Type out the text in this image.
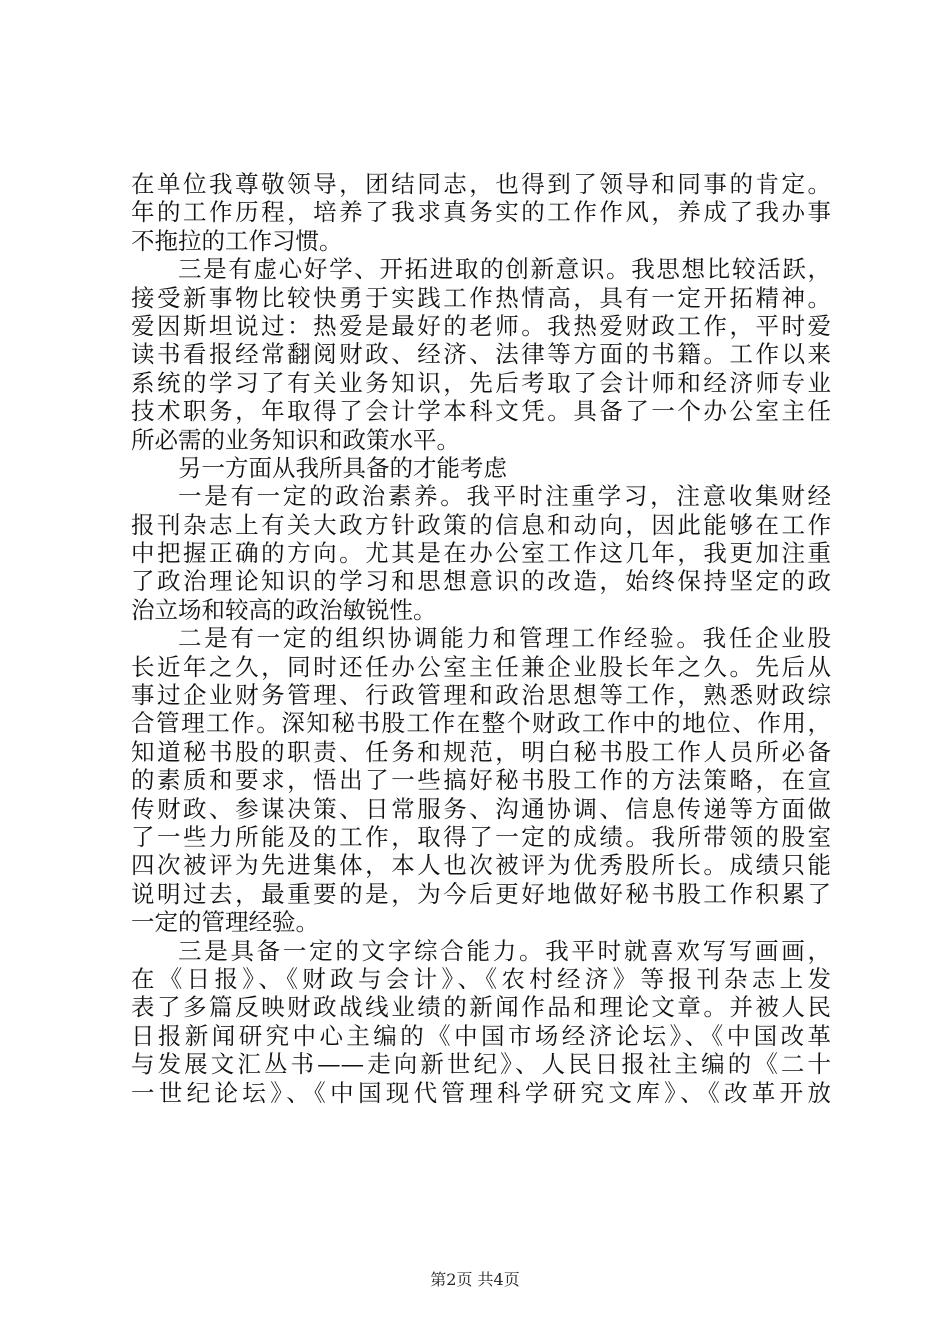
在单位我尊敬领导，团结同志，也得到了领导和同事的肯定。
年的工作历程，培养了我求真务实的工作作风，养成了我办事
不拖拉的工作习惯。
三是有虚心好学、开拓进取的创新意识。我思想比较活跃，
接受新事物比较快勇于实践工作热情高，具有一定开拓精神。
爱因斯坦说过：热爱是最好的老师。我热爱财政工作，平时爱
读书看报经常翻阅财政、经济、法律等方面的书籍。工作以来
系统的学习了有关业务知识，先后考取了会计师和经济师专业
技术职务，年取得了会计学本科文凭。具备了一个办公室主任
所必需的业务知识和政策水平。
另一方面从我所具备的才能考虑
一是有一定的政治素养。我平时注重学习，注意收集财经
报刊杂志上有关大政方针政策的信息和动向，因此能够在工作
中把握正确的方向。尤其是在办公室工作这几年，我更加注重
了政治理论知识的学习和思想意识的改造，始终保持坚定的政
治立场和较高的政治敏锐性。
二是有一定的组织协调能力和管理工作经验。我任企业股
长近年之久，同时还任办公室主任兼企业股长年之久。先后从
事过企业财务管理、行政管理和政治思想等工作，熟悉财政综
合管理工作。深知秘书股工作在整个财政工作中的地位、作用，
知道秘书股的职责、任务和规范，明白秘书股工作人员所必备
的素质和要求，悟出了一些搞好秘书股工作的方法策略，在宣
传财政、参谋决策、日常服务、沟通协调、信息传递等方面做
了一些力所能及的工作，取得了一定的成绩。我所带领的股室
四次被评为先进集体，本人也次被评为优秀股所长。成绩只能
说明过去，最重要的是，为今后更好地做好秘书股工作积累了
一定的管理经验。
三是具备一定的文字综合能力。我平时就喜欢写写画画，
在《日报》、《财政与会计》、《农村经济》等报刊杂志上发
表了多篇反映财政战线业绩的新闻作品和理论文章。并被人民
日报新闻研究中心主编的《中国市场经济论坛》、《中国改革
与发展文汇丛书——走向新世纪》、人民日报社主编的《二十
一世纪论坛》、《中国现代管理科学研究文库》、《改革开放
第2页 共4页
